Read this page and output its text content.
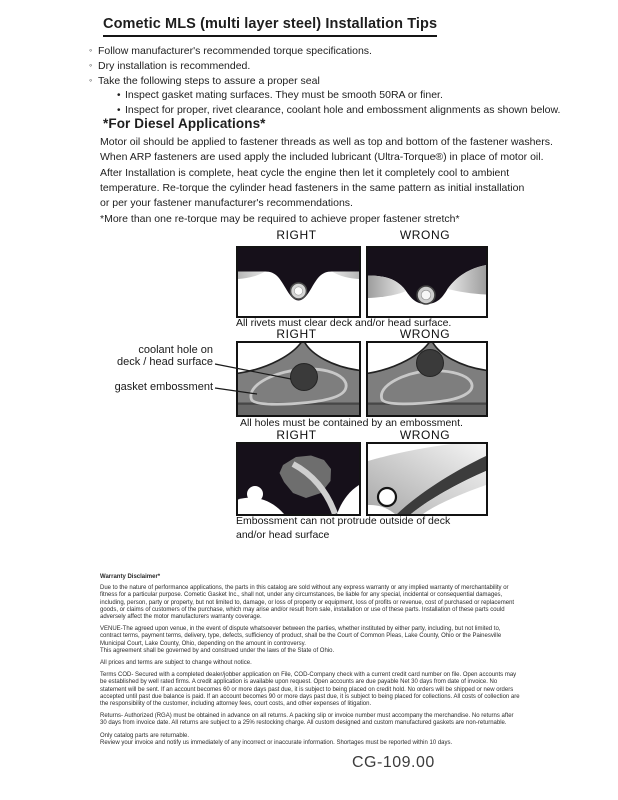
Cometic MLS (multi layer steel) Installation Tips
◦ Follow manufacturer's recommended torque specifications.
◦ Dry installation is recommended.
◦ Take the following steps to assure a proper seal
• Inspect gasket mating surfaces. They must be smooth 50RA or finer.
• Inspect for proper, rivet clearance, coolant hole and embossment alignments as shown below.
*For Diesel Applications*
Motor oil should be applied to fastener threads as well as top and bottom of the fastener washers.
When ARP fasteners are used apply the included lubricant (Ultra-Torque®) in place of motor oil.
After Installation is complete, heat cycle the engine then let it completely cool to ambient
temperature. Re-torque the cylinder head fasteners in the same pattern as initial installation
or per your fastener manufacturer's recommendations.
*More than one re-torque may be required to achieve proper fastener stretch*
RIGHT	WRONG
All rivets must clear deck and/or head surface.
RIGHT	WRONG
coolant hole on
deck / head surface
gasket embossment
All holes must be contained by an embossment.
RIGHT	WRONG
Embossment can not protrude outside of deck
and/or head surface

Warranty Disclaimer*

Due to the nature of performance applications, the parts in this catalog are sold without any express warranty or any implied warranty of merchantability or fitness for a particular purpose. Cometic Gasket Inc., shall not, under any circumstances, be liable for any special, incidental or consequential damages, including, person, party or property, but not limited to, damage, or loss of property or equipment, loss of profits or revenue, cost of purchased or replacement goods, or claims of customers of the purchase, which may arise and/or result from sale, installation or use of these parts. Installation of these parts could adversely affect the motor manufacturers warranty coverage.

VENUE-The agreed upon venue, in the event of dispute whatsoever between the parties, whether instituted by either party, including, but not limited to, contract terms, payment terms, delivery, type, defects, sufficiency of product, shall be the Court of Common Pleas, Lake County, Ohio or the Painesville Municipal Court, Lake County, Ohio, depending on the amount in controversy.

This agreement shall be governed by and construed under the laws of the State of Ohio.

All prices and terms are subject to change without notice.

Terms COD- Secured with a completed dealer/jobber application on File, COD-Company check with a current credit card number on file. Open accounts may be established by well rated firms. A credit application is available upon request. Open accounts are due payable Net 30 days from date of invoice. No statement will be sent. If an account becomes 60 or more days past due, it is subject to being placed on credit hold. No orders will be shipped or new orders accepted until past due balance is paid. If an account becomes 90 or more days past due, it is subject to being placed for collections. All costs of collection are the responsibility of the customer, including attorney fees, court costs, and other expenses of litigation.

Returns- Authorized (RGA) must be obtained in advance on all returns. A packing slip or invoice number must accompany the merchandise. No returns after 30 days from invoice date. All returns are subject to a 25% restocking charge. All custom designed and custom manufactured gaskets are non-returnable.

Only catalog parts are returnable.

Review your invoice and notify us immediately of any incorrect or inaccurate information. Shortages must be reported within 10 days.

CG-109.00
